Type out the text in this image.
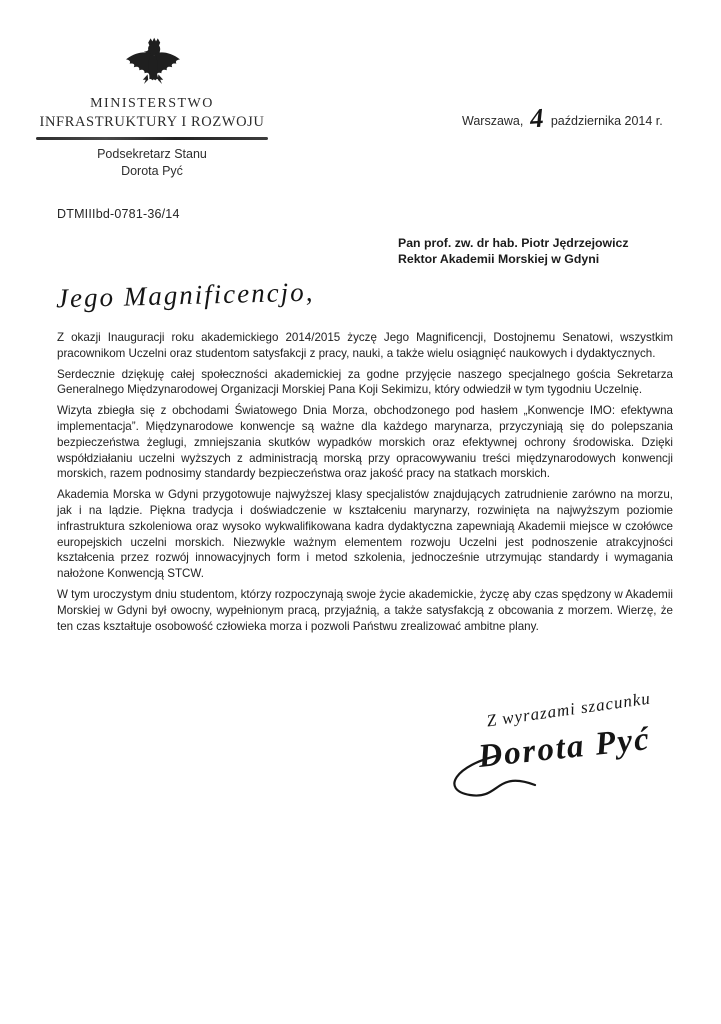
MINISTERSTWO
INFRASTRUKTURY I ROZWOJU
Podsekretarz Stanu
Dorota Pyć
Warszawa, 4 października 2014 r.
DTMIIIbd-0781-36/14
Pan prof. zw. dr hab. Piotr Jędrzejowicz
Rektor Akademii Morskiej w Gdyni
Jego Magnificencjo,

Z okazji Inauguracji roku akademickiego 2014/2015 życzę Jego Magnificencji, Dostojnemu Senatowi, wszystkim pracownikom Uczelni oraz studentom satysfakcji z pracy, nauki, a także wielu osiągnięć naukowych i dydaktycznych.

Serdecznie dziękuję całej społeczności akademickiej za godne przyjęcie naszego specjalnego gościa Sekretarza Generalnego Międzynarodowej Organizacji Morskiej Pana Koji Sekimizu, który odwiedził w tym tygodniu Uczelnię.

Wizyta zbiegła się z obchodami Światowego Dnia Morza, obchodzonego pod hasłem „Konwencje IMO: efektywna implementacja”. Międzynarodowe konwencje są ważne dla każdego marynarza, przyczyniają się do polepszania bezpieczeństwa żeglugi, zmniejszania skutków wypadków morskich oraz efektywnej ochrony środowiska. Dzięki współdziałaniu uczelni wyższych z administracją morską przy opracowywaniu treści międzynarodowych konwencji morskich, razem podnosimy standardy bezpieczeństwa oraz jakość pracy na statkach morskich.

Akademia Morska w Gdyni przygotowuje najwyższej klasy specjalistów znajdujących zatrudnienie zarówno na morzu, jak i na lądzie. Piękna tradycja i doświadczenie w kształceniu marynarzy, rozwinięta na najwyższym poziomie infrastruktura szkoleniowa oraz wysoko wykwalifikowana kadra dydaktyczna zapewniają Akademii miejsce w czołówce europejskich uczelni morskich. Niezwykle ważnym elementem rozwoju Uczelni jest podnoszenie atrakcyjności kształcenia przez rozwój innowacyjnych form i metod szkolenia, jednocześnie utrzymując standardy i wymagania nałożone Konwencją STCW.

W tym uroczystym dniu studentom, którzy rozpoczynają swoje życie akademickie, życzę aby czas spędzony w Akademii Morskiej w Gdyni był owocny, wypełnionym pracą, przyjaźnią, a także satysfakcją z obcowania z morzem. Wierzę, że ten czas kształtuje osobowość człowieka morza i pozwoli Państwu zrealizować ambitne plany.

Z wyrazami szacunku
Dorota Pyć
